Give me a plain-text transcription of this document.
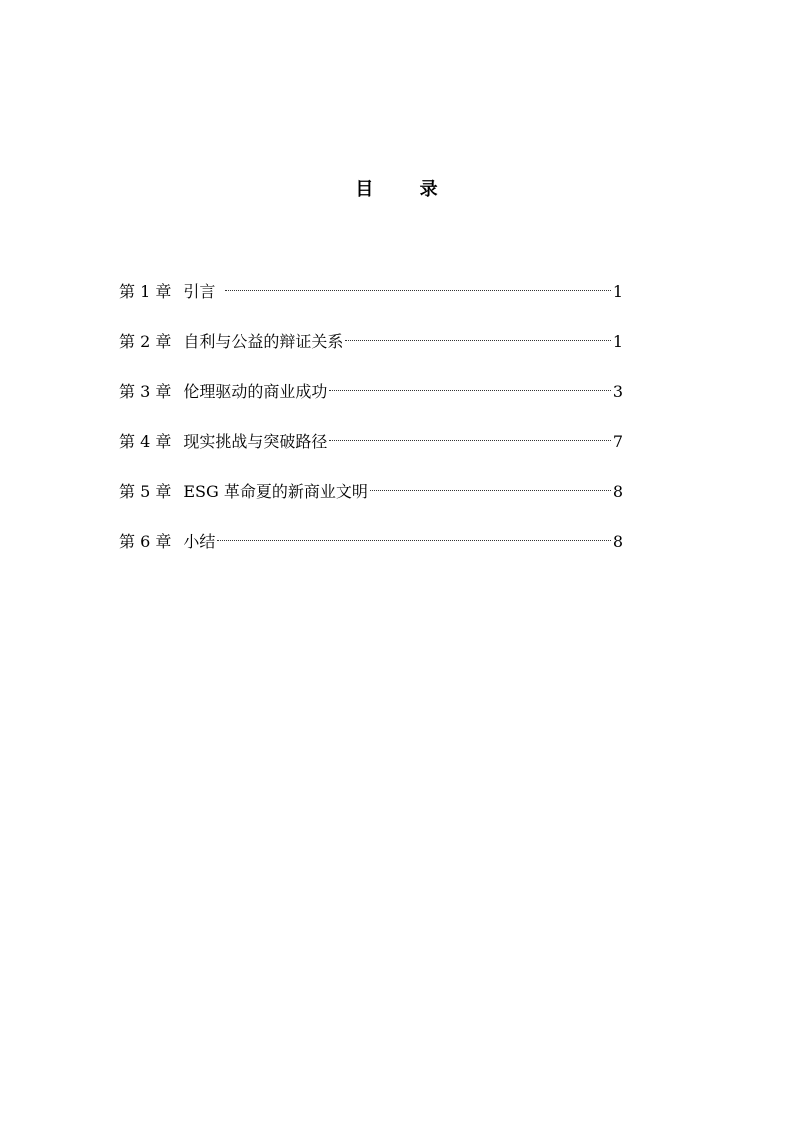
目 录
第 1 章 引言	1
第 2 章 自利与公益的辩证关系	1
第 3 章 伦理驱动的商业成功	3
第 4 章 现实挑战与突破路径	7
第 5 章 ESG 革命夏的新商业文明	8
第 6 章 小结	8
